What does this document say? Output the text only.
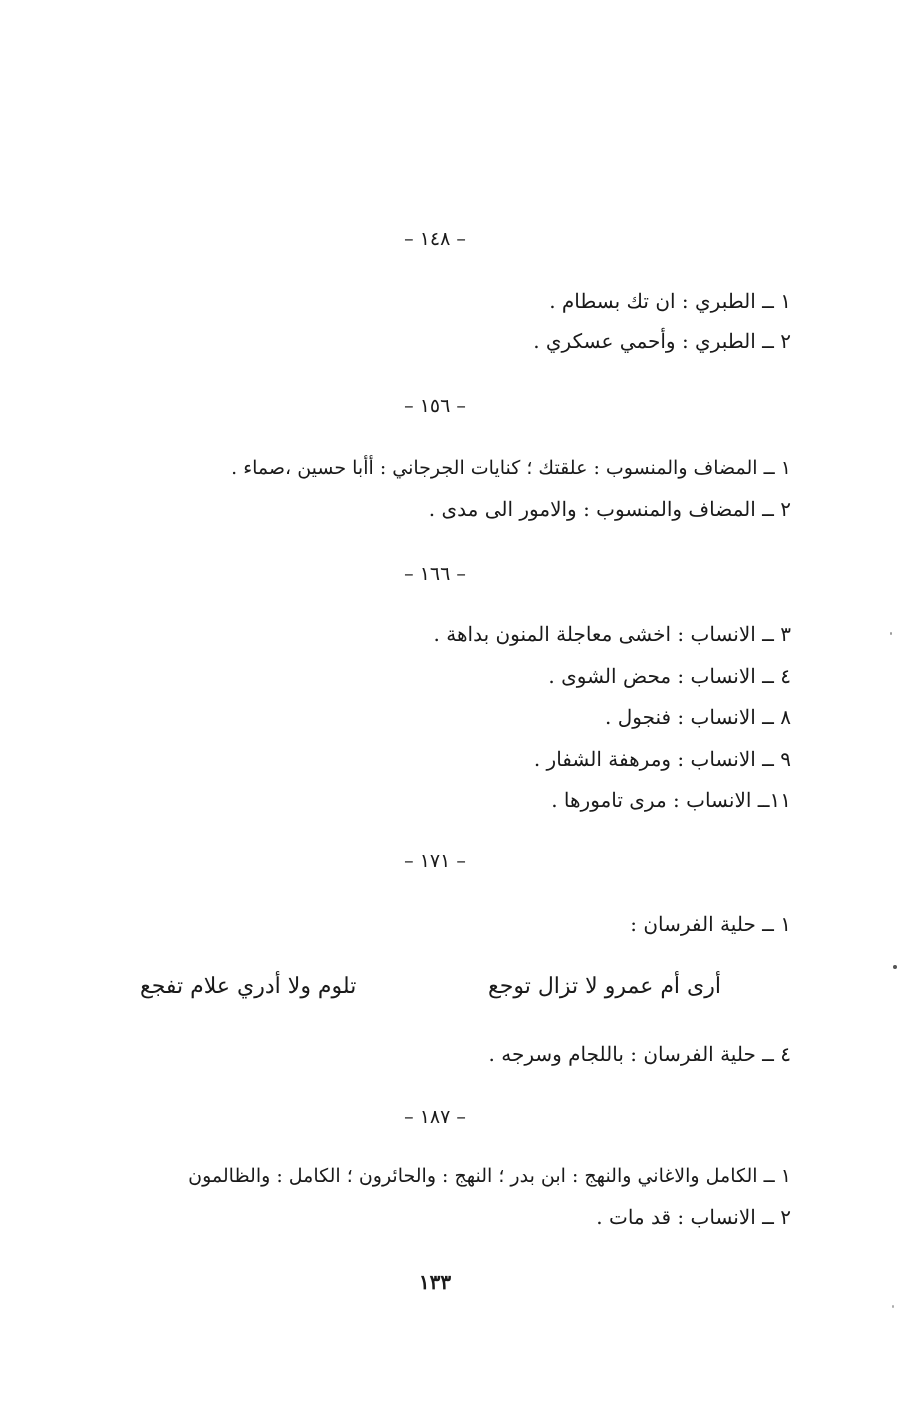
– ١٤٨ –
١ ــ الطبري : ان تك بسطام .
٢ ــ الطبري : وأحمي عسكري .
– ١٥٦ –
١ ــ المضاف والمنسوب : علقتك ؛ كنايات الجرجاني : أأبا حسين ،صماء .
٢ ــ المضاف والمنسوب : والامور الى مدى .
– ١٦٦ –
٣ ــ الانساب : اخشى معاجلة المنون بداهة .
٤ ــ الانساب : محض الشوى .
٨ ــ الانساب : فنجول .
٩ ــ الانساب : ومرهفة الشفار .
١١ــ الانساب : مرى تامورها .
– ١٧١ –
١ ــ حلية الفرسان :
أرى أم عمرو لا تزال توجع
تلوم ولا أدري علام تفجع
٤ ــ حلية الفرسان : باللجام وسرجه .
– ١٨٧ –
١ ــ الكامل والاغاني والنهج : ابن بدر ؛ النهج : والحائرون ؛ الكامل : والظالمون
٢ ــ الانساب : قد مات .
١٣٣
